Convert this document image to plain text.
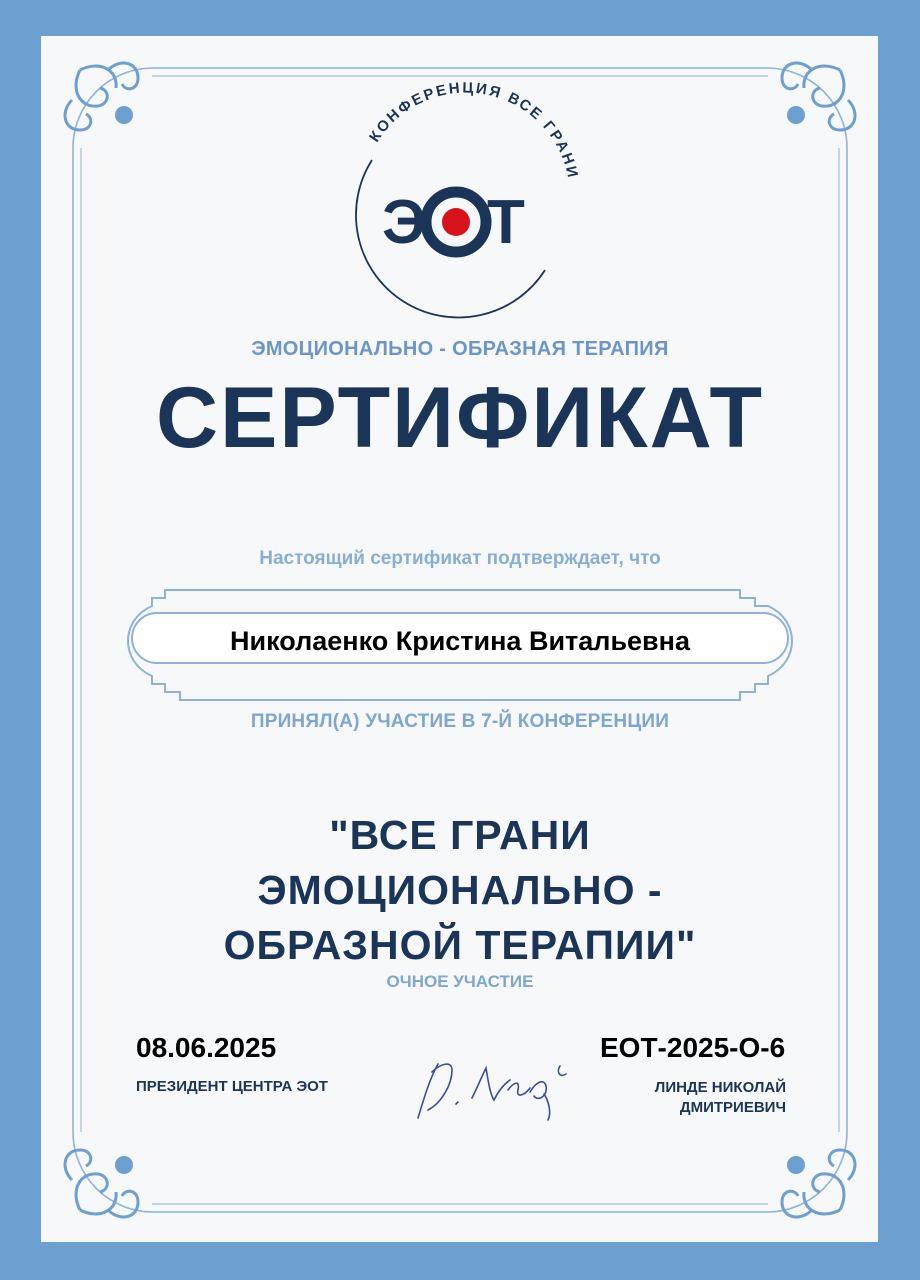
КОНФЕРЕНЦИЯ ВСЕ ГРАНИ
Э Т
ЭМОЦИОНАЛЬНО - ОБРАЗНАЯ ТЕРАПИЯ
СЕРТИФИКАТ
Настоящий сертификат подтверждает, что
Николаенко Кристина Витальевна
ПРИНЯЛ(А) УЧАСТИЕ В 7-Й КОНФЕРЕНЦИИ
"ВСЕ ГРАНИ
ЭМОЦИОНАЛЬНО -
ОБРАЗНОЙ ТЕРАПИИ"
ОЧНОЕ УЧАСТИЕ
08.06.2025	ЕОТ-2025-О-6
ПРЕЗИДЕНТ ЦЕНТРА ЭОТ	ЛИНДЕ НИКОЛАЙ
ДМИТРИЕВИЧ
